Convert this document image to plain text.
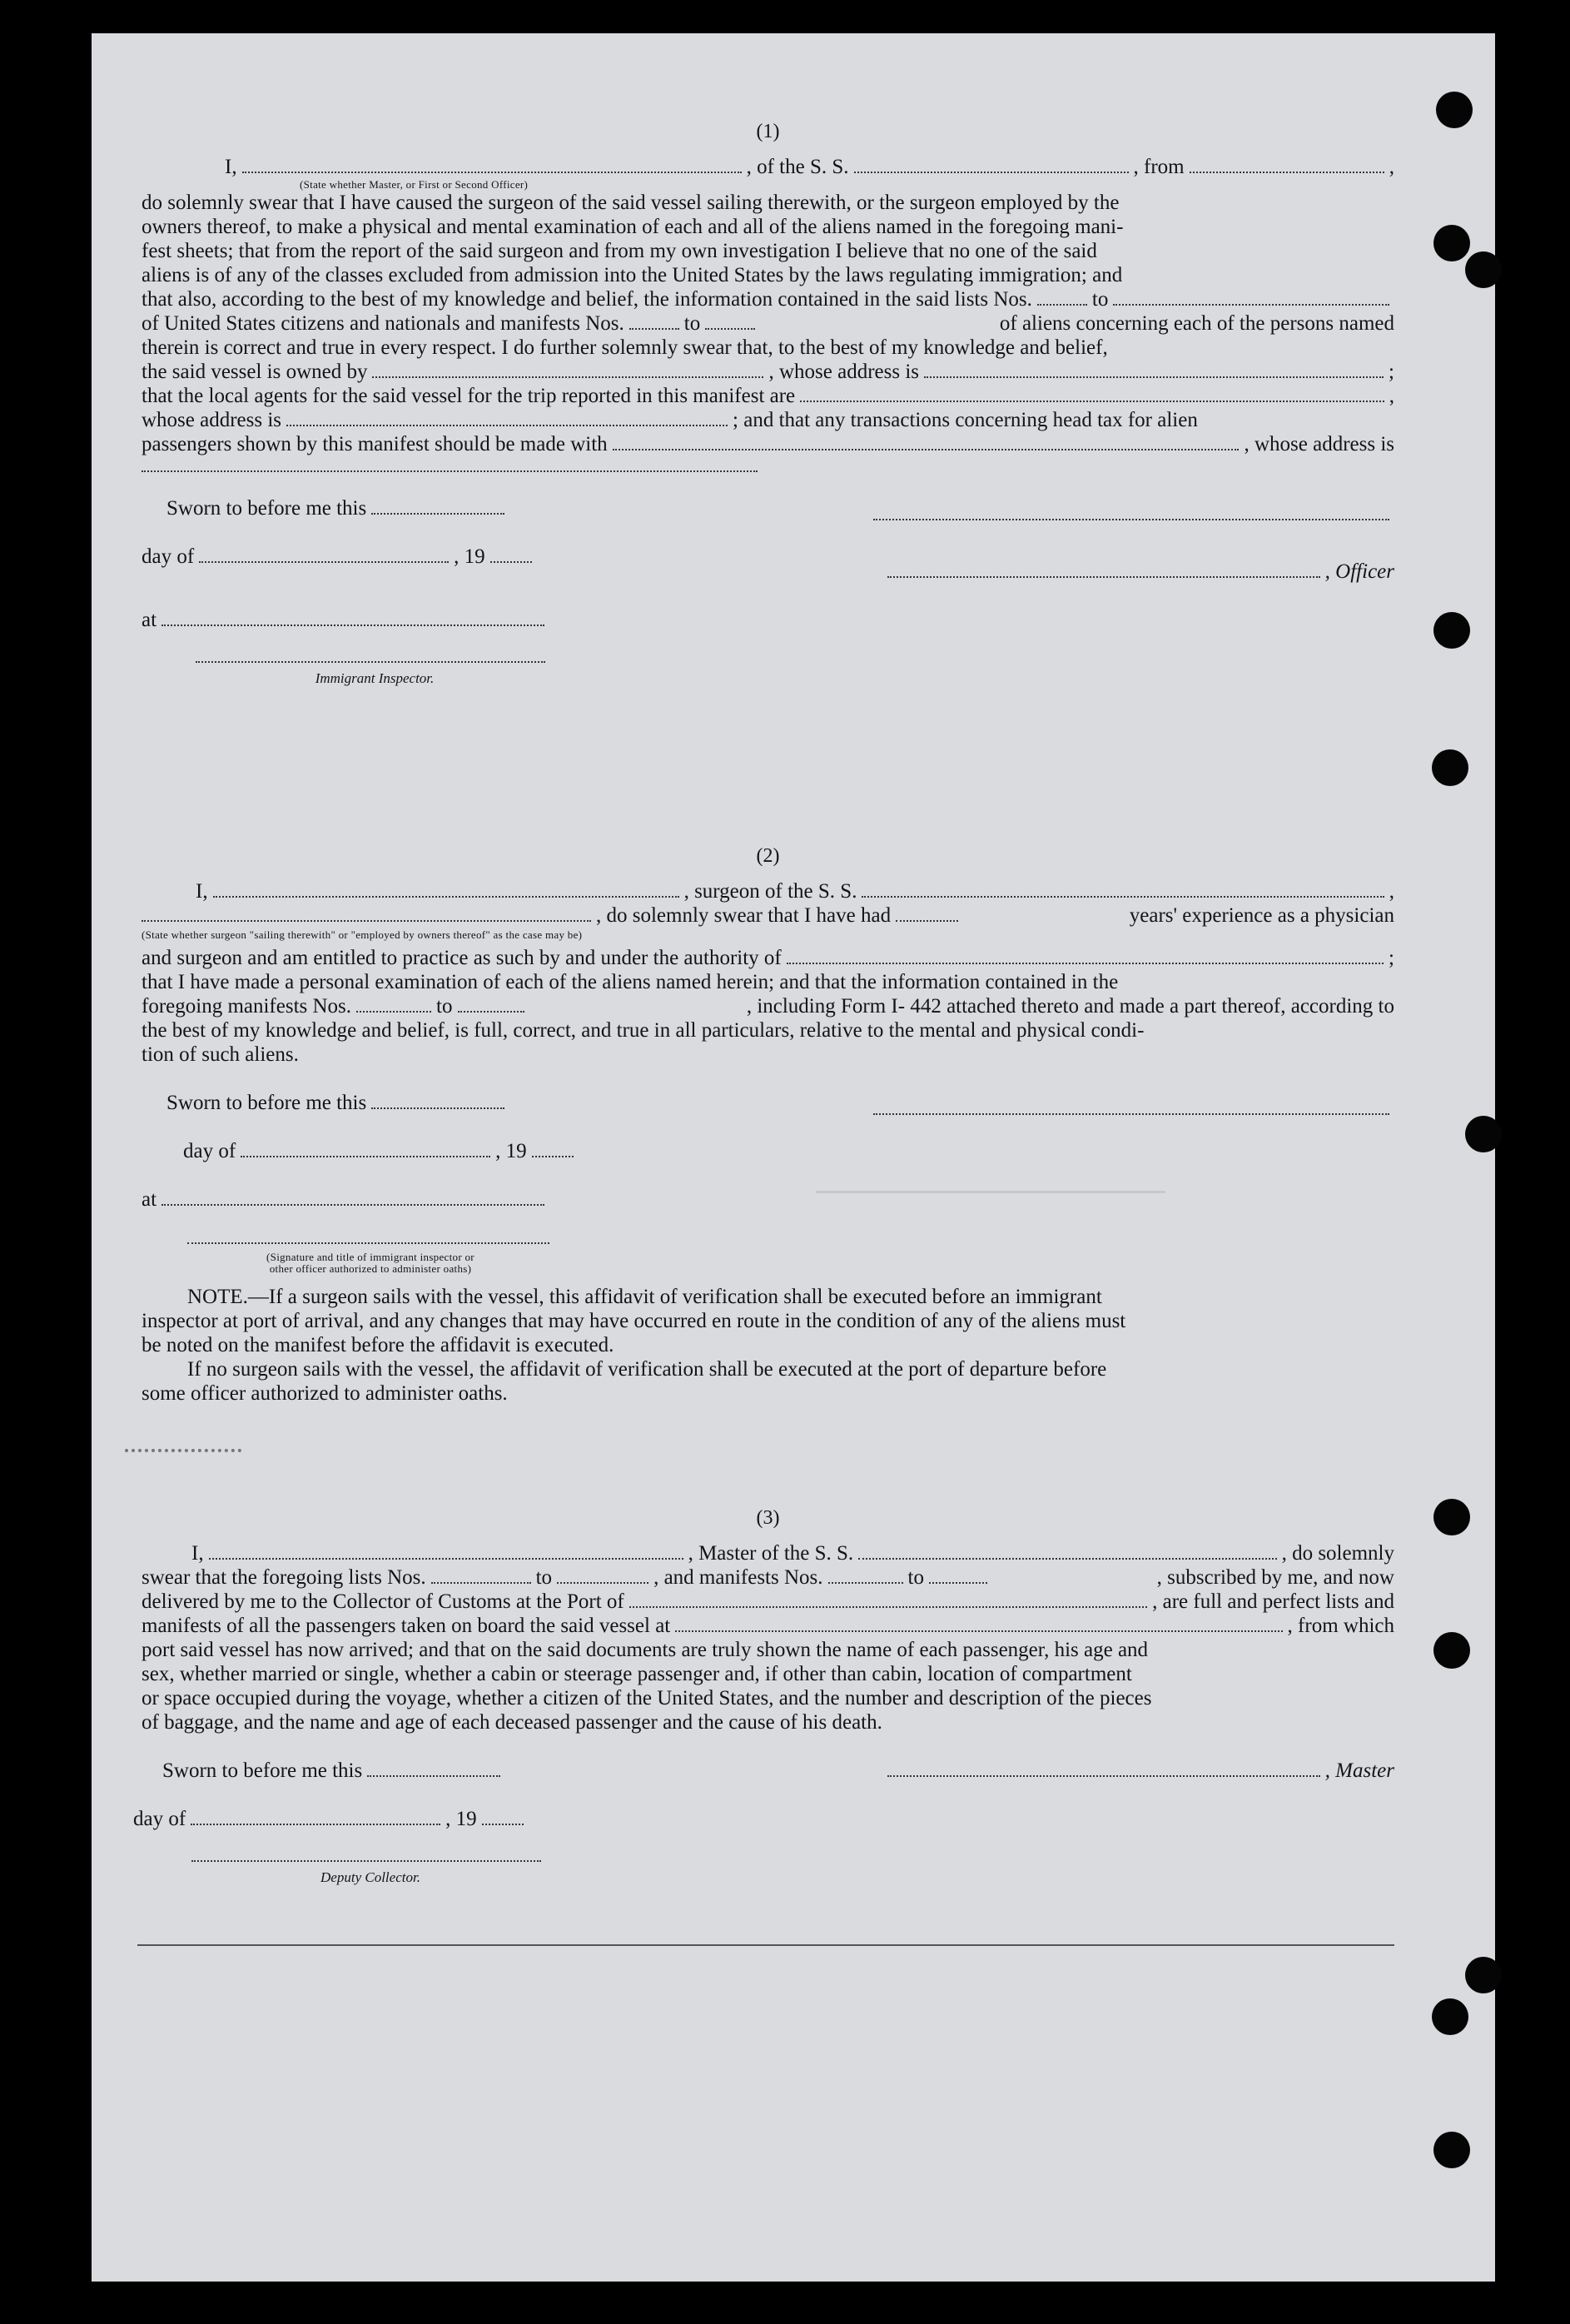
(1)
I,	, of the S. S.	, from	,
(State whether Master, or First or Second Officer)
do solemnly swear that I have caused the surgeon of the said vessel sailing therewith, or the surgeon employed by the
owners thereof, to make a physical and mental examination of each and all of the aliens named in the foregoing mani-
fest sheets; that from the report of the said surgeon and from my own investigation I believe that no one of the said
aliens is of any of the classes excluded from admission into the United States by the laws regulating immigration; and
that also, according to the best of my knowledge and belief, the information contained in the said lists Nos.	to
of United States citizens and nationals and manifests Nos.	to	of aliens concerning each of the persons named
therein is correct and true in every respect. I do further solemnly swear that, to the best of my knowledge and belief,
the said vessel is owned by	, whose address is	;
that the local agents for the said vessel for the trip reported in this manifest are	,
whose address is	; and that any transactions concerning head tax for alien
passengers shown by this manifest should be made with	, whose address is
Sworn to before me this
day of	, 19
, Officer
at
Immigrant Inspector.
(2)
I,	, surgeon of the S. S.	,
, do solemnly swear that I have had	years' experience as a physician
(State whether surgeon "sailing therewith" or "employed by owners thereof" as the case may be)
and surgeon and am entitled to practice as such by and under the authority of	;
that I have made a personal examination of each of the aliens named herein; and that the information contained in the
foregoing manifests Nos.	to	, including Form I- 442 attached thereto and made a part thereof, according to
the best of my knowledge and belief, is full, correct, and true in all particulars, relative to the mental and physical condi-
tion of such aliens.
Sworn to before me this
day of	, 19
at
(Signature and title of immigrant inspector or
other officer authorized to administer oaths)
NOTE.—If a surgeon sails with the vessel, this affidavit of verification shall be executed before an immigrant
inspector at port of arrival, and any changes that may have occurred en route in the condition of any of the aliens must
be noted on the manifest before the affidavit is executed.
If no surgeon sails with the vessel, the affidavit of verification shall be executed at the port of departure before
some officer authorized to administer oaths.
(3)
I,	, Master of the S. S.	, do solemnly
swear that the foregoing lists Nos.	to	, and manifests Nos.	to	, subscribed by me, and now
delivered by me to the Collector of Customs at the Port of	, are full and perfect lists and
manifests of all the passengers taken on board the said vessel at	, from which
port said vessel has now arrived; and that on the said documents are truly shown the name of each passenger, his age and
sex, whether married or single, whether a cabin or steerage passenger and, if other than cabin, location of compartment
or space occupied during the voyage, whether a citizen of the United States, and the number and description of the pieces
of baggage, and the name and age of each deceased passenger and the cause of his death.
Sworn to before me this	, Master
day of	, 19
Deputy Collector.
